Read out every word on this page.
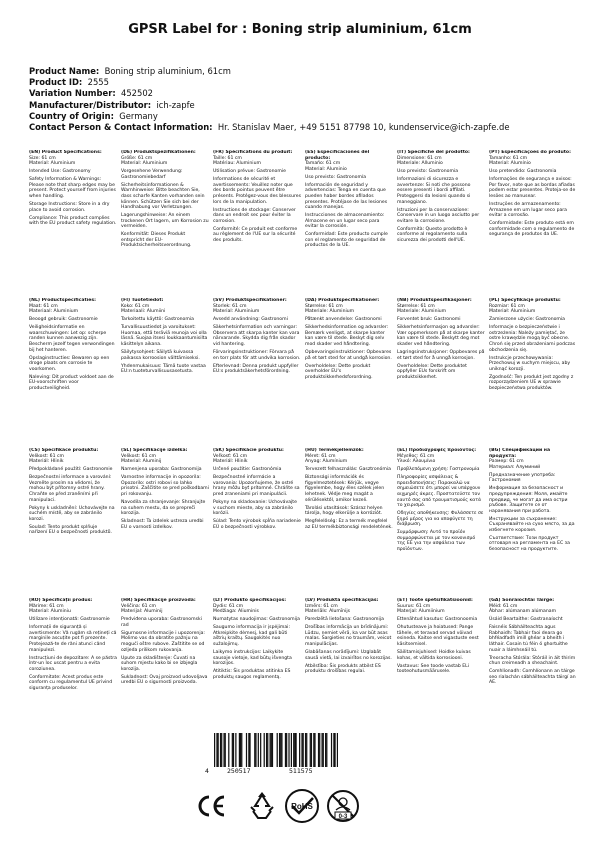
GPSR Label for : Boning strip aluminium, 61cm
Product Name: Boning strip aluminium, 61cm
Product ID: 2555
Variation Number: 452502
Manufacturer/Distributor: ich-zapfe
Country of Origin: Germany
Contact Person & Contact Information: Hr. Stanislav Maer, +49 5151 87798 10, kundenservice@ich-zapfe.de

(EN) Product Specifications:

Size: 61 cm

Material: Aluminium

Intended Use: Gastronomy

Safety Information & Warnings: Please note that sharp edges may be present. Protect yourself from injuries when handling.

Storage Instructions: Store in a dry place to avoid corrosion.

Compliance: This product complies with the EU product safety regulation.

(DE) Produktspezifikationen:

Größe: 61 cm

Material: Aluminium

Vorgesehene Verwendung: Gastronomiebedarf

Sicherheitsinformationen & Warnhinweise: Bitte beachten Sie, dass scharfe Kanten vorhanden sein können. Schützen Sie sich bei der Handhabung vor Verletzungen.

Lagerungshinweise: An einem trockenen Ort lagern, um Korrosion zu vermeiden.

Konformität: Dieses Produkt entspricht der EU-Produktsicherheitsverordnung.

(FR) Spécifications du produit:

Taille: 61 cm

Matériau: Aluminium

Utilisation prévue: Gastronomie

Informations de sécurité et avertissements: Veuillez noter que des bords pointus peuvent être présents. Protégez-vous des blessures lors de la manipulation.

Instructions de stockage: Conserver dans un endroit sec pour éviter la corrosion.

Conformité: Ce produit est conforme au règlement de l'UE sur la sécurité des produits.

(ES) Especificaciones del producto:

Tamaño: 61 cm

Material: Aluminio

Uso previsto: Gastronomía

Información de seguridad y advertencias: Tenga en cuenta que pueden haber bordes afilados presentes. Protéjase de las lesiones cuando manejas.

Instrucciones de almacenamiento: Almacene en un lugar seco para evitar la corrosión.

Conformidad: Este producto cumple con el reglamento de seguridad de productos de la UE.

(IT) Specifiche del prodotto:

Dimensione: 61 cm

Materiale: Alluminio

Uso previsto: Gastronomia

Informazioni di sicurezza e avvertenze: Si noti che possono essere presenti i bordi affilati. Proteggersi da lesioni quando si maneggiano.

Istruzioni per la conservazione: Conservare in un luogo asciutto per evitare la corrosione.

Conformità: Questo prodotto è conforme al regolamento sulla sicurezza dei prodotti dell'UE.

(PT) Especificações do produto:

Tamanho: 61 cm

Material: Alumínio

Uso pretendido: Gastronomia

Informações de segurança e avisos: Por favor, note que as bordas afiadas podem estar presentes. Proteja-se de lesões ao manusear.

Instruções de armazenamento: Armazene em um lugar seco para evitar a corrosão.

Conformidade: Este produto está em conformidade com o regulamento de segurança de produtos da UE.

(NL) Productspecificaties:

Maat: 61 cm

Materiaal: Aluminium

Beoogd gebruik: Gastronomie

Veiligheidsinformatie en waarschuwingen: Let op: scherpe randen kunnen aanwezig zijn. Bescherm jezelf tegen verwondingen bij het hanteren.

Opslaginstructies: Bewaren op een droge plaats om corrosie te voorkomen.

Naleving: Dit product voldoet aan de EU-voorschriften voor productveiligheid.

(FI) Tuotetiedot:

Koko: 61 cm

Materiaali: Alumiini

Tarkoitettu käyttö: Gastronomia

Turvallisuustiedot ja varoitukset: Huomaa, että teräviä reunoja voi olla läsnä. Suojaa itsesi loukkaantumisilta käsittelyn aikana.

Säilytysohjeet: Säilytä kuivassa paikassa korroosion välttämiseksi.

Yhdenmukaisuus: Tämä tuote vastaa EU:n tuoteturvallisuusasetusta.

(SV) Produktspecifikationer:

Storlek: 61 cm

Material: Aluminium

Avsedd användning: Gastronomi

Säkerhetsinformation och varningar: Observera att skarpa kanter kan vara närvarande. Skydda dig från skador vid hantering.

Förvaringsinstruktioner: Förvara på en torr plats för att undvika korrosion.

Efterlevnad: Denna produkt uppfyller EU:s produktsäkerhetsförordning.

(DA) Produktspecifikationer:

Størrelse: 61 cm

Materiale: Aluminium

Påtænkt anvendelse: Gastronomi

Sikkerhedsinformation og advarsler: Bemærk venligst, at skarpe kanter kan være til stede. Beskyt dig selv mod skader ved håndtering.

Opbevaringsinstruktioner: Opbevares på et tørt sted for at undgå korrosion.

Overholdelse: Dette produkt overholder EU's produktsikkerhedsforordning.

(NB) Produktspesifikasjoner:

Størrelse: 61 cm

Materiale: Aluminium

Forventet bruk: Gastronomi

Sikkerhetsinformasjon og advarsler: Vær oppmerksom på at skarpe kanter kan være til stede. Beskytt deg mot skader ved håndtering.

Lagringsinstruksjoner: Oppbevares på et tørt sted for å unngå korrosjon.

Overholdelse: Dette produktet oppfyller EUs forskrift om produktsikkerhet.

(PL) Specyfikacje produktu:

Rozmiar: 61 cm

Materiał: Aluminium

Zamierzone użycie: Gastronomia

Informacje o bezpieczeństwie i ostrzeżenia: Należy pamiętać, że ostre krawędzie mogą być obecne. Chroń się przed obrażeniami podczas obchodzenia się.

Instrukcje przechowywania: Przechowuj w suchym miejscu, aby uniknąć korozji.

Zgodność: Ten produkt jest zgodny z rozporządzeniem UE w sprawie bezpieczeństwa produktów.

(CS) Specifikace produktu:

Velikost: 61 cm

Materiál: Hliník

Předpokládané použití: Gastronomie

Bezpečnostní informace a varování: Vezměte prosím na vědomí, že mohou být přítomny ostré hrany. Chraňte se před zraněními při manipulaci.

Pokyny k uskladnění: Uchovávejte na suchém místě, aby se zabránilo korozi.

Soulad: Tento produkt splňuje nařízení EU o bezpečnosti produktů.

(SL) Specifikacije izdelka:

Velikost: 61 cm

Material: Aluminij

Namenjena uporaba: Gastronomija

Varnostne informacije in opozorila: Opozorilo: ostri robovi so lahko prisotni. Zaščitite se pred poškodbami pri rokovanju.

Navodila za shranjevanje: Shranjujte na suhem mestu, da se prepreči korozija.

Skladnost: Ta izdelek ustreza uredbi EU o varnosti izdelkov.

(SK) Špecifikácie produktu:

Veľkosť: 61 cm

Materiál: Hliník

Určené použitie: Gastronómia

Bezpečnostné informácie a varovania: Upozorňujeme, že ostré hrany môžu byť prítomné. Chráňte sa pred zraneniami pri manipulácii.

Pokyny na skladovanie: Uchovávajte v suchom mieste, aby sa zabránilo korózii.

Súlad: Tento výrobok spĺňa nariadenie EÚ o bezpečnosti výrobkov.

(HU) Termékjellemzők:

Méret: 61 cm

Anyag: Alumínium

Tervezett felhasználás: Gasztronómia

Biztonsági információk és figyelmeztetések: Kérjük, vegye figyelembe, hogy éles szélek jelen lehetnek. Védje meg magát a sérülésektől, amikor kezeli.

Tárolási utasítások: Száraz helyen tárolja, hogy elkerülje a korróziót.

Megfelelőség: Ez a termék megfelel az EU termékbiztonsági rendeletének.

(EL) Προδιαγραφές προϊόντος:

Μέγεθος: 61 cm

Υλικό: Αλουμίνιο

Προβλεπόμενη χρήση: Γαστρονομία

Πληροφορίες ασφάλειας & προειδοποιήσεις: Παρακαλώ να σημειώσετε ότι μπορεί να υπάρχουν αιχμηρές άκρες. Προστατεύστε τον εαυτό σας από τραυματισμούς κατά το χειρισμό.

Οδηγίες αποθήκευσης: Φυλάσσετε σε ξηρό μέρος για να αποφύγετε τη διάβρωση.

Συμμόρφωση: Αυτό το προϊόν συμμορφώνεται με τον κανονισμό της ΕΕ για την ασφάλεια των προϊόντων.

(BG) Спецификации на продукта:

Размер: 61 cm

Материал: Алуминий

Предназначение употреба: Гастрономия

Информация за безопасност и предупреждения: Моля, имайте предвид, че могат да има остри ръбове. Защитете се от наранявания при работа.

Инструкции за съхранение: Съхранявайте на сухо място, за да избегнете корозия.

Съответствие: Този продукт отговаря на регламента на ЕС за безопасност на продуктите.

(RO) Specificații produs:

Mărime: 61 cm

Material: Aluminiu

Utilizare intenționată: Gastronomie

Informații de siguranță și avertismente: Vă rugăm să rețineți că marginile ascuțite pot fi prezente. Protejează-te de răni atunci când manipulezi.

Instrucțiuni de depozitare: A se păstra într-un loc uscat pentru a evita coroziunea.

Conformitate: Acest produs este conform cu regulamentul UE privind siguranța produselor.

(HR) Specifikacije proizvoda:

Veličina: 61 cm

Materijal: Aluminij

Predviđena uporaba: Gastronomski rad

Sigurnosne informacije i upozorenja: Molimo vas da obratite pažnju na mogući oštre rubove. Zaštitite se od ozljeda prilikom rukovanja.

Upute za skladištenje: Čuvati na suhom mjestu kako bi se izbjegla korozija.

Sukladnost: Ovaj proizvod udovoljava uredbi EU o sigurnosti proizvoda.

(LT) Produkto specifikacijos:

Dydis: 61 cm

Medžiaga: Aliuminis

Numatytas naudojimas: Gastronomija

Saugumo informacija ir įspėjimai: Atkreipkite dėmesį, kad gali būti aštrių kraštų. Saugokitės nuo sužalojimų.

Laikymo instrukcijos: Laikykite sausoje vietoje, kad būtų išvengta korozijos.

Atitiktis: Šis produktas atitinka ES produktų saugos reglamentą.

(LV) Produkta specifikācijas:

Izmērs: 61 cm

Materiāls: Alumīnijs

Paredzētā lietošana: Gastronomija

Drošības informācija un brīdinājumi: Lūdzu, ņemiet vērā, ka var būt asas malas. Sargieties no traumām, veicot manipulācijas.

Glabāšanas norādījumi: Uzglabāt sausā vietā, lai izvairītos no korozijas.

Atbilstība: Šis produkts atbilst ES produktu drošības regulai.

(ET) Toote spetsifikatsioonid:

Suurus: 61 cm

Materjal: Alumiinium

Ettenähtud kasutus: Gastronoomia

Ohutusteave ja hoiatused: Pange tähele, et teravad servad võivad esineda. Kaitse end vigastuste eest käsitsemisel.

Säilitamisjuhised: Hoidke kuivas kohas, et vältida korrosiooni.

Vastavus: See toode vastab ELi tooteohutusmäärusele.

(GA) Sonraíochtaí Táirge:

Méid: 61 cm

Ábhar: alúmanam alúmanam

Úsáid Beartaithe: Gastranaíocht

Faisnéis Sábháilteachta agus Rabhaidh: Tabhair faoi deara go bhféadfadh imill ghéar a bheith i láthair. Cosain tú féin ó ghortuithe nuair a láimhseáil tú.

Treoracha Stórála: Stóráil in áit thirim chun creimeadh a sheachaint.

Comhlíonadh: Comhlíonann an táirge seo rialachán sábháilteachta táirgí an AE.

4	250517	511575
RoHS
0-3
